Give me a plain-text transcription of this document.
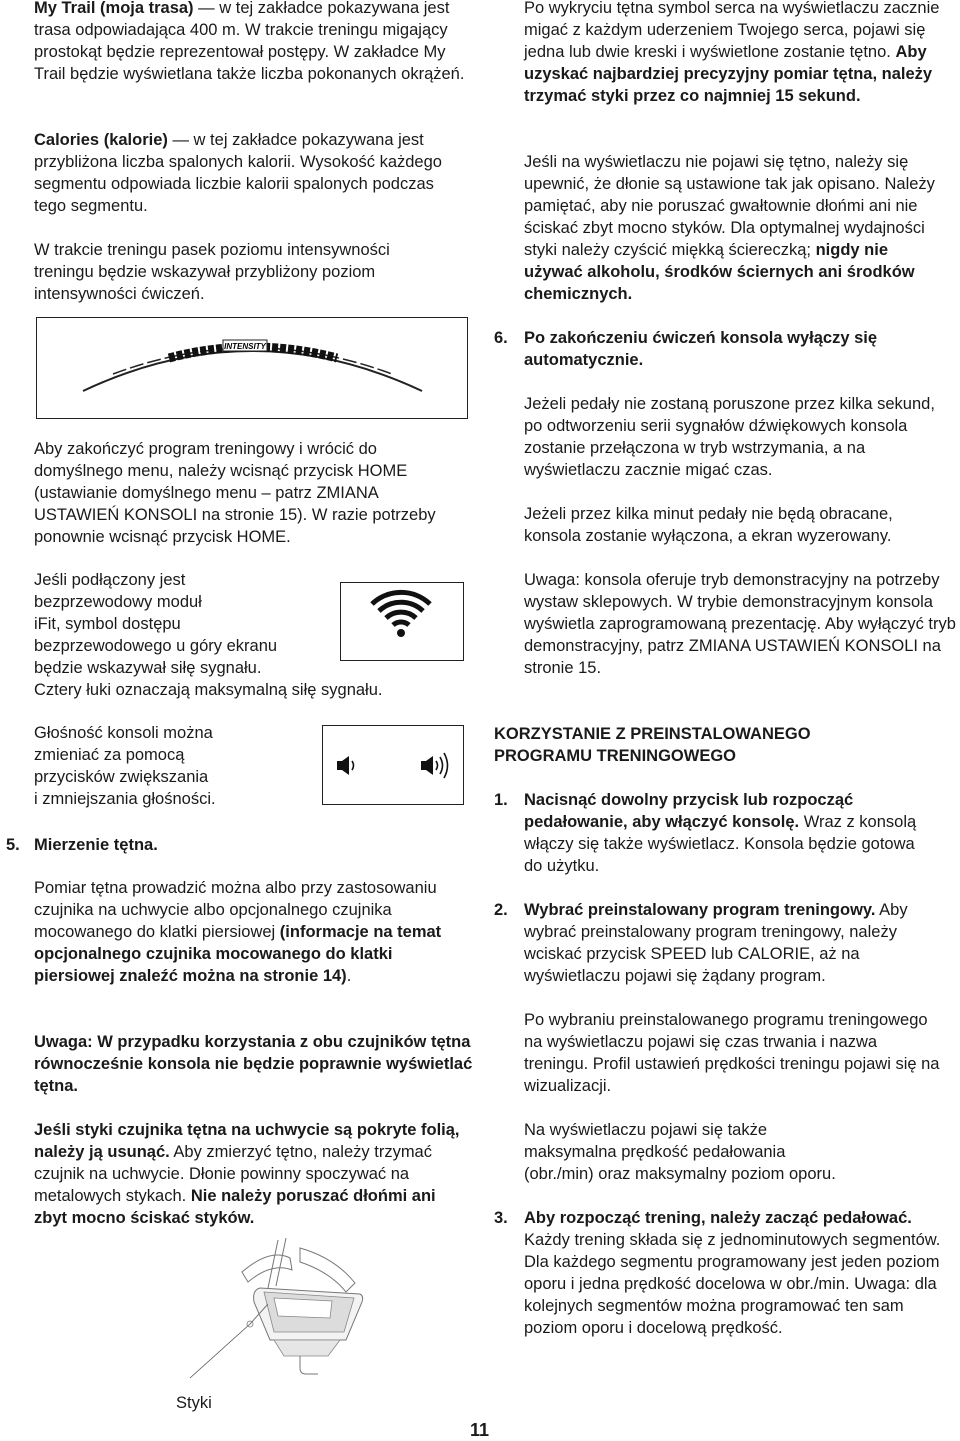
My Trail (moja trasa) — w tej zakładce pokazywana jest trasa odpowiadająca 400 m. W trakcie treningu migający prostokąt będzie reprezentował postępy. W zakładce My Trail będzie wyświetlana także liczba pokonanych okrążeń.

Calories (kalorie) — w tej zakładce pokazywana jest przybliżona liczba spalonych kalorii. Wysokość każdego segmentu odpowiada liczbie kalorii spalonych podczas tego segmentu.

W trakcie treningu pasek poziomu intensywności treningu będzie wskazywał przybliżony poziom intensywności ćwiczeń.

INTENSITY

Aby zakończyć program treningowy i wrócić do domyślnego menu, należy wcisnąć przycisk HOME (ustawianie domyślnego menu – patrz ZMIANA USTAWIEŃ KONSOLI na stronie 15). W razie potrzeby ponownie wcisnąć przycisk HOME.

Jeśli podłączony jest
bezprzewodowy moduł
iFit, symbol dostępu
bezprzewodowego u góry ekranu
będzie wskazywał siłę sygnału.
Cztery łuki oznaczają maksymalną siłę sygnału.
Głośność konsoli można
zmieniać za pomocą
przycisków zwiększania
i zmniejszania głośności.
5. Mierzenie tętna.

Pomiar tętna prowadzić można albo przy zastosowaniu czujnika na uchwycie albo opcjonalnego czujnika mocowanego do klatki piersiowej (informacje na temat opcjonalnego czujnika mocowanego do klatki piersiowej znaleźć można na stronie 14).

Uwaga: W przypadku korzystania z obu czujników tętna równocześnie konsola nie będzie poprawnie wyświetlać tętna.

Jeśli styki czujnika tętna na uchwycie są pokryte folią, należy ją usunąć. Aby zmierzyć tętno, należy trzymać czujnik na uchwycie. Dłonie powinny spoczywać na metalowych stykach. Nie należy poruszać dłońmi ani zbyt mocno ściskać styków.

Styki
11

Po wykryciu tętna symbol serca na wyświetlaczu zacznie migać z każdym uderzeniem Twojego serca, pojawi się jedna lub dwie kreski i wyświetlone zostanie tętno. Aby uzyskać najbardziej precyzyjny pomiar tętna, należy trzymać styki przez co najmniej 15 sekund.

Jeśli na wyświetlaczu nie pojawi się tętno, należy się upewnić, że dłonie są ustawione tak jak opisano. Należy pamiętać, aby nie poruszać gwałtownie dłońmi ani nie ściskać zbyt mocno styków. Dla optymalnej wydajności styki należy czyścić miękką ściereczką; nigdy nie używać alkoholu, środków ściernych ani środków chemicznych.

6. Po zakończeniu ćwiczeń konsola wyłączy się automatycznie.

Jeżeli pedały nie zostaną poruszone przez kilka sekund, po odtworzeniu serii sygnałów dźwiękowych konsola zostanie przełączona w tryb wstrzymania, a na wyświetlaczu zacznie migać czas.

Jeżeli przez kilka minut pedały nie będą obracane, konsola zostanie wyłączona, a ekran wyzerowany.

Uwaga: konsola oferuje tryb demonstracyjny na potrzeby wystaw sklepowych. W trybie demonstracyjnym konsola wyświetla zaprogramowaną prezentację. Aby wyłączyć tryb demonstracyjny, patrz ZMIANA USTAWIEŃ KONSOLI na stronie 15.

KORZYSTANIE Z PREINSTALOWANEGO PROGRAMU TRENINGOWEGO

1. Nacisnąć dowolny przycisk lub rozpocząć pedałowanie, aby włączyć konsolę. Wraz z konsolą włączy się także wyświetlacz. Konsola będzie gotowa do użytku.

2. Wybrać preinstalowany program treningowy. Aby wybrać preinstalowany program treningowy, należy wciskać przycisk SPEED lub CALORIE, aż na wyświetlaczu pojawi się żądany program.

Po wybraniu preinstalowanego programu treningowego na wyświetlaczu pojawi się czas trwania i nazwa treningu. Profil ustawień prędkości treningu pojawi się na wizualizacji.

Na wyświetlaczu pojawi się także maksymalna prędkość pedałowania (obr./min) oraz maksymalny poziom oporu.

3. Aby rozpocząć trening, należy zacząć pedałować. Każdy trening składa się z jednominutowych segmentów. Dla każdego segmentu programowany jest jeden poziom oporu i jedna prędkość docelowa w obr./min. Uwaga: dla kolejnych segmentów można programować ten sam poziom oporu i docelową prędkość.
